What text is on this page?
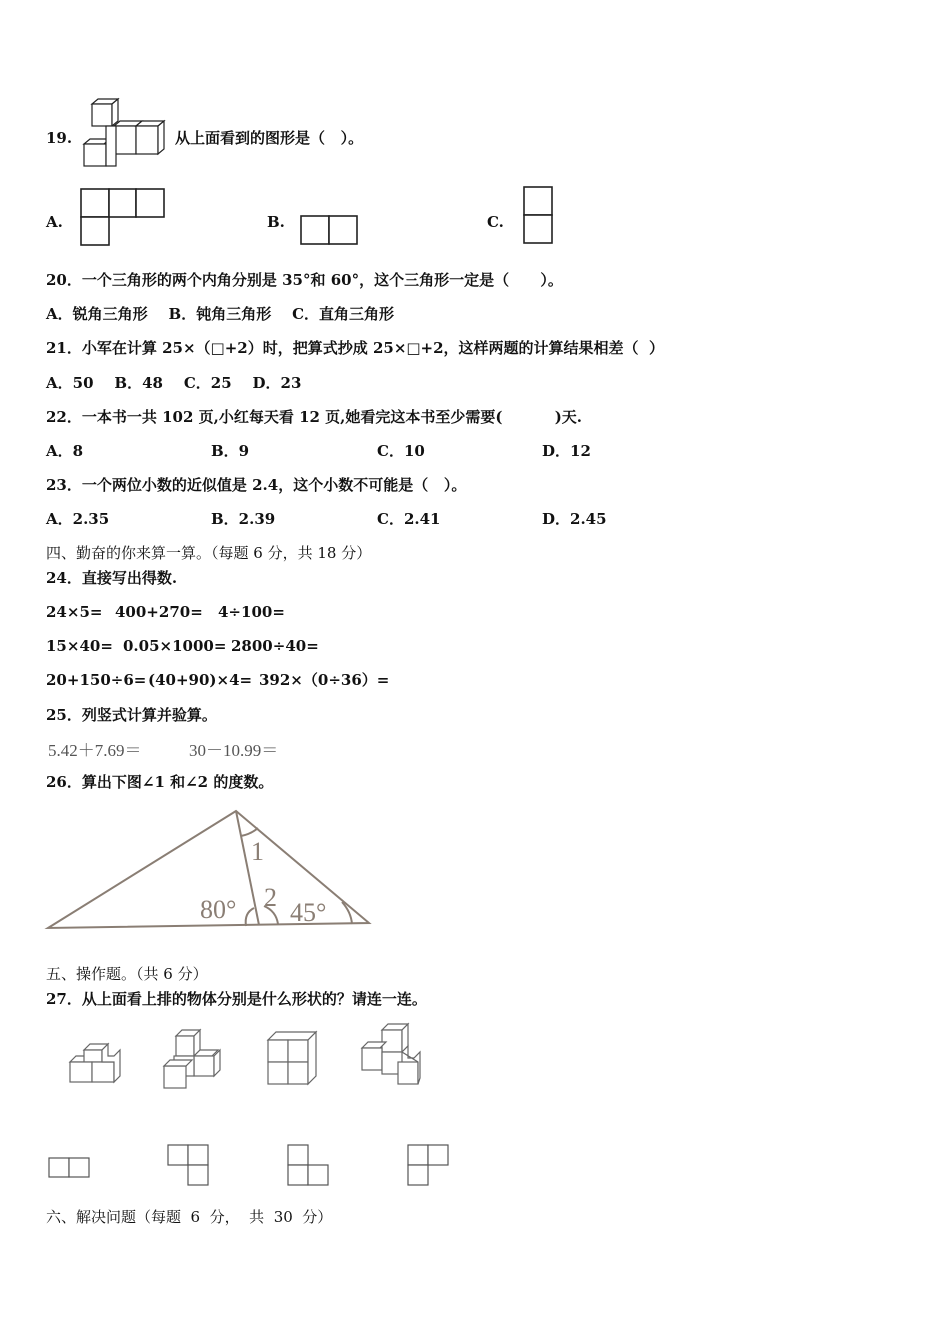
19.	从上面看到的图形是（   ）。
A.	B.	C.
20．一个三角形的两个内角分别是 35°和 60°，这个三角形一定是（      ）。
A．锐角三角形    B．钝角三角形    C．直角三角形
21．小军在计算 25×（□+2）时，把算式抄成 25×□+2，这样两题的计算结果相差（  ）
A．50    B．48    C．25    D．23
22．一本书一共 102 页,小红每天看 12 页,她看完这本书至少需要(          )天.
A．8	B．9	C．10	D．12
23．一个两位小数的近似值是 2.4，这个小数不可能是（   ）。
A．2.35	B．2.39	C．2.41	D．2.45
四、勤奋的你来算一算。（每题 6 分，共 18 分）
24．直接写出得数.
24×5= 400+270= 4÷100=
15×40= 0.05×1000= 2800÷40=
20+150÷6= (40+90)×4= 392×（0÷36）=
25．列竖式计算并验算。
5.42＋7.69＝	30－10.99＝
26．算出下图∠1 和∠2 的度数。
1
2
80° 45°
五、操作题。（共 6 分）
27．从上面看上排的物体分别是什么形状的？请连一连。
六、解决问题（每题  6  分，  共  30  分）
